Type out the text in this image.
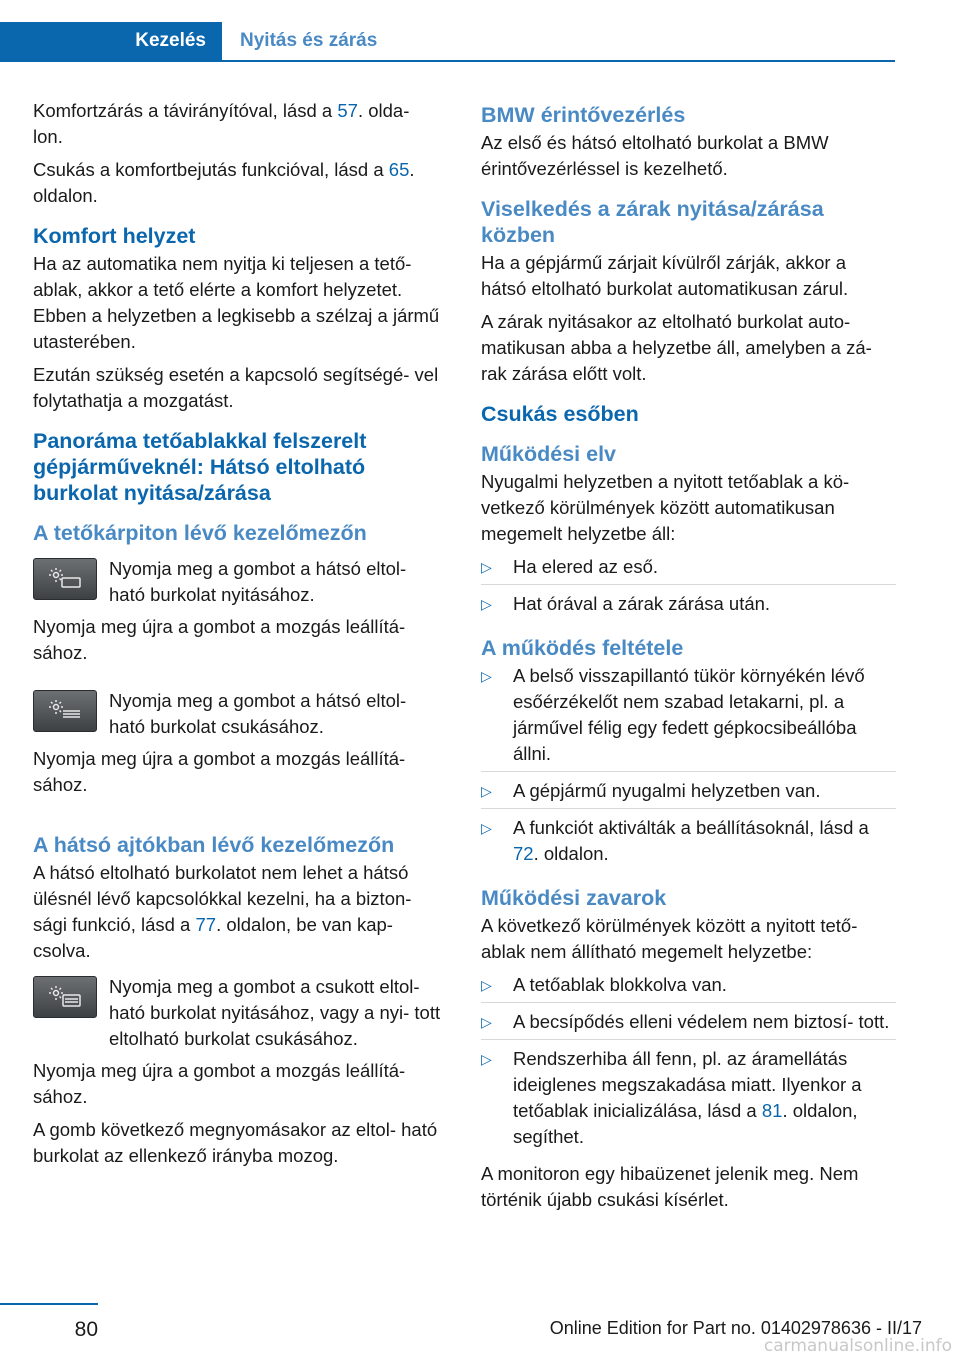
Kezelés	Nyitás és zárás

Komfortzárás a távirányítóval, lásd a 57. olda‐ lon.

Csukás a komfortbejutás funkcióval, lásd a 65. oldalon.

Komfort helyzet

Ha az automatika nem nyitja ki teljesen a tető‐ ablak, akkor a tető elérte a komfort helyzetet. Ebben a helyzetben a legkisebb a szélzaj a jármű utasterében.

Ezután szükség esetén a kapcsoló segítségé‐ vel folytathatja a mozgatást.

Panoráma tetőablakkal felszerelt gépjárműveknél: Hátsó eltolható burkolat nyitása/zárása
A tetőkárpiton lévő kezelőmezőn
Nyomja meg a gombot a hátsó eltol‐ ható burkolat nyitásához.

Nyomja meg újra a gombot a mozgás leállítá‐ sához.

Nyomja meg a gombot a hátsó eltol‐ ható burkolat csukásához.

Nyomja meg újra a gombot a mozgás leállítá‐ sához.

A hátsó ajtókban lévő kezelőmezőn

A hátsó eltolható burkolatot nem lehet a hátsó ülésnél lévő kapcsolókkal kezelni, ha a bizton‐ sági funkció, lásd a 77. oldalon, be van kap‐ csolva.

Nyomja meg a gombot a csukott eltol‐ ható burkolat nyitásához, vagy a nyi‐ tott eltolható burkolat csukásához.

Nyomja meg újra a gombot a mozgás leállítá‐ sához.

A gomb következő megnyomásakor az eltol‐ ható burkolat az ellenkező irányba mozog.

BMW érintővezérlés

Az első és hátsó eltolható burkolat a BMW érintővezérléssel is kezelhető.

Viselkedés a zárak nyitása/zárása közben

Ha a gépjármű zárjait kívülről zárják, akkor a hátsó eltolható burkolat automatikusan zárul.

A zárak nyitásakor az eltolható burkolat auto‐ matikusan abba a helyzetbe áll, amelyben a zá‐ rak zárása előtt volt.

Csukás esőben
Működési elv

Nyugalmi helyzetben a nyitott tetőablak a kö‐ vetkező körülmények között automatikusan megemelt helyzetbe áll:

▷ Ha elered az eső.
▷ Hat órával a zárak zárása után.
A működés feltétele
▷ A belső visszapillantó tükör környékén lévő esőérzékelőt nem szabad letakarni, pl. a járművel félig egy fedett gépkocsibeállóba állni.
▷ A gépjármű nyugalmi helyzetben van.
▷ A funkciót aktiválták a beállításoknál, lásd a 72. oldalon.
Működési zavarok

A következő körülmények között a nyitott tető‐ ablak nem állítható megemelt helyzetbe:

▷ A tetőablak blokkolva van.
▷ A becsípődés elleni védelem nem biztosí‐ tott.
▷ Rendszerhiba áll fenn, pl. az áramellátás ideiglenes megszakadása miatt. Ilyenkor a tetőablak inicializálása, lásd a 81. oldalon, segíthet.

A monitoron egy hibaüzenet jelenik meg. Nem történik újabb csukási kísérlet.

80	Online Edition for Part no. 01402978636 - II/17
carmanualsonline.info
